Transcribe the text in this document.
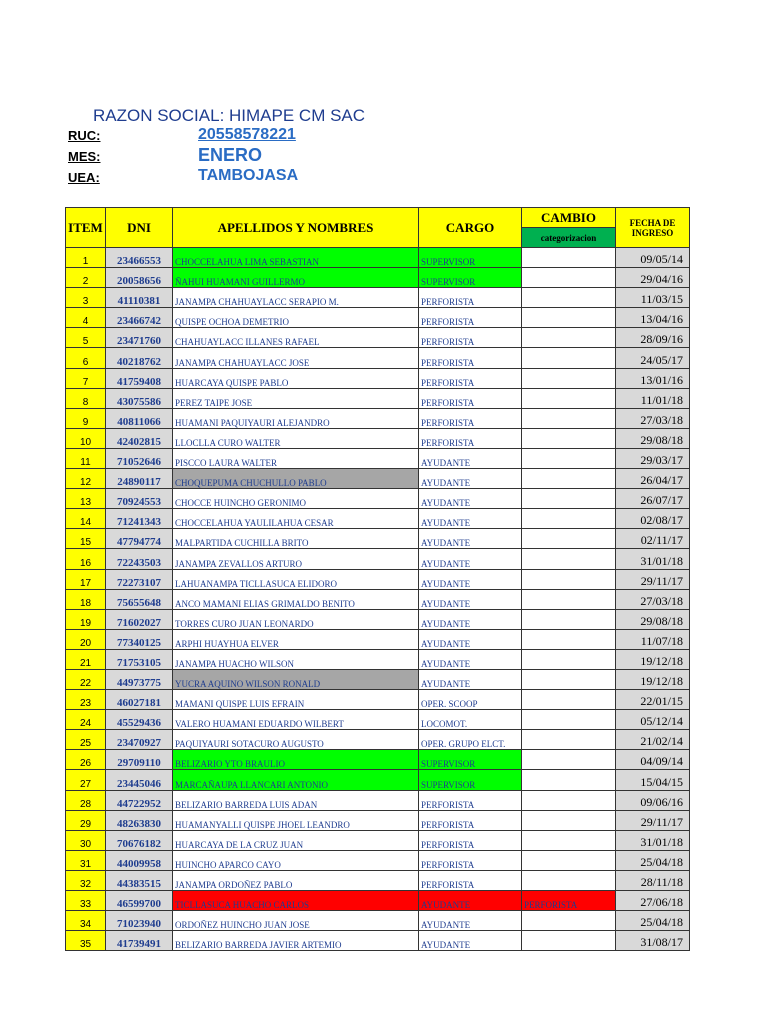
RAZON SOCIAL: HIMAPE CM SAC
RUC:	20558578221
MES:	ENERO
UEA:	TAMBOJASA
ITEM	DNI	APELLIDOS Y NOMBRES	CARGO	CAMBIO	FECHA DE INGRESO
				categorizacion	
1	23466553	CHOCCELAHUA LIMA SEBASTIAN	SUPERVISOR		09/05/14
2	20058656	ÑAHUI HUAMANI GUILLERMO	SUPERVISOR		29/04/16
3	41110381	JANAMPA CHAHUAYLACC SERAPIO M.	PERFORISTA		11/03/15
4	23466742	QUISPE OCHOA DEMETRIO	PERFORISTA		13/04/16
5	23471760	CHAHUAYLACC ILLANES RAFAEL	PERFORISTA		28/09/16
6	40218762	JANAMPA CHAHUAYLACC JOSE	PERFORISTA		24/05/17
7	41759408	HUARCAYA QUISPE PABLO	PERFORISTA		13/01/16
8	43075586	PEREZ TAIPE JOSE	PERFORISTA		11/01/18
9	40811066	HUAMANI PAQUIYAURI ALEJANDRO	PERFORISTA		27/03/18
10	42402815	LLOCLLA CURO WALTER	PERFORISTA		29/08/18
11	71052646	PISCCO LAURA WALTER	AYUDANTE		29/03/17
12	24890117	CHOQUEPUMA CHUCHULLO PABLO	AYUDANTE		26/04/17
13	70924553	CHOCCE HUINCHO GERONIMO	AYUDANTE		26/07/17
14	71241343	CHOCCELAHUA YAULILAHUA CESAR	AYUDANTE		02/08/17
15	47794774	MALPARTIDA CUCHILLA BRITO	AYUDANTE		02/11/17
16	72243503	JANAMPA ZEVALLOS ARTURO	AYUDANTE		31/01/18
17	72273107	LAHUANAMPA TICLLASUCA ELIDORO	AYUDANTE		29/11/17
18	75655648	ANCO MAMANI ELIAS GRIMALDO BENITO	AYUDANTE		27/03/18
19	71602027	TORRES CURO JUAN LEONARDO	AYUDANTE		29/08/18
20	77340125	ARPHI HUAYHUA ELVER	AYUDANTE		11/07/18
21	71753105	JANAMPA HUACHO WILSON	AYUDANTE		19/12/18
22	44973775	YUCRA AQUINO WILSON RONALD	AYUDANTE		19/12/18
23	46027181	MAMANI QUISPE LUIS EFRAIN	OPER. SCOOP		22/01/15
24	45529436	VALERO HUAMANI EDUARDO WILBERT	LOCOMOT.		05/12/14
25	23470927	PAQUIYAURI SOTACURO AUGUSTO	OPER. GRUPO ELCT.		21/02/14
26	29709110	BELIZARIO YTO BRAULIO	SUPERVISOR		04/09/14
27	23445046	MARCAÑAUPA LLANCARI ANTONIO	SUPERVISOR		15/04/15
28	44722952	BELIZARIO BARREDA LUIS ADAN	PERFORISTA		09/06/16
29	48263830	HUAMANYALLI QUISPE JHOEL LEANDRO	PERFORISTA		29/11/17
30	70676182	HUARCAYA DE LA CRUZ JUAN	PERFORISTA		31/01/18
31	44009958	HUINCHO APARCO CAYO	PERFORISTA		25/04/18
32	44383515	JANAMPA ORDOÑEZ PABLO	PERFORISTA		28/11/18
33	46599700	TICLLASUCA HUACHO CARLOS	AYUDANTE	PERFORISTA	27/06/18
34	71023940	ORDOÑEZ HUINCHO JUAN JOSE	AYUDANTE		25/04/18
35	41739491	BELIZARIO BARREDA JAVIER ARTEMIO	AYUDANTE		31/08/17
